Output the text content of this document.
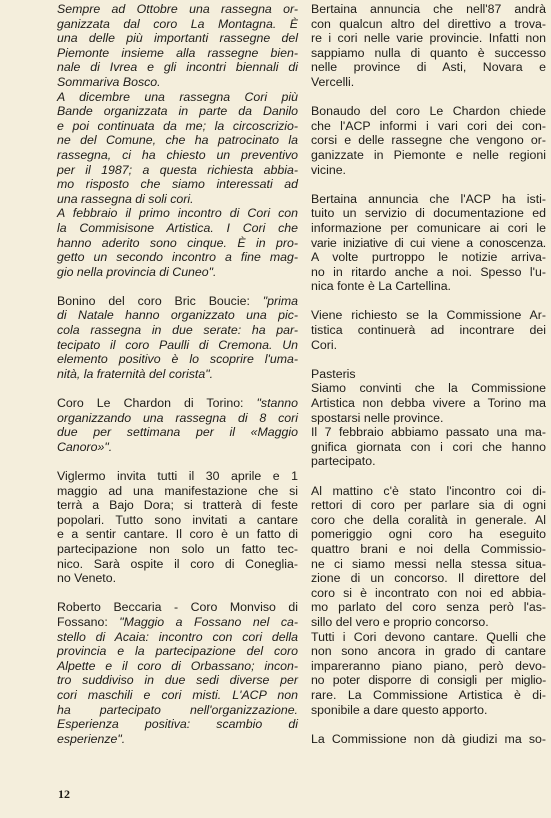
Sempre ad Ottobre una rassegna or-
ganizzata dal coro La Montagna. È
una delle più importanti rassegne del
Piemonte insieme alla rassegne bien-
nale di Ivrea e gli incontri biennali di
Sommariva Bosco.
A dicembre una rassegna Cori più
Bande organizzata in parte da Danilo
e poi continuata da me; la circoscrizio-
ne del Comune, che ha patrocinato la
rassegna, ci ha chiesto un preventivo
per il 1987; a questa richiesta abbia-
mo risposto che siamo interessati ad
una rassegna di soli cori.
A febbraio il primo incontro di Cori con
la Commisisone Artistica. I Cori che
hanno aderito sono cinque. È in pro-
getto un secondo incontro a fine mag-
gio nella provincia di Cuneo".

Bonino del coro Bric Boucie: "prima
di Natale hanno organizzato una pic-
cola rassegna in due serate: ha par-
tecipato il coro Paulli di Cremona. Un
elemento positivo è lo scoprire l'uma-
nità, la fraternità del corista".

Coro Le Chardon di Torino: "stanno
organizzando una rassegna di 8 cori
due per settimana per il «Maggio
Canoro»".

Viglermo invita tutti il 30 aprile e 1
maggio ad una manifestazione che si
terrà a Bajo Dora; si tratterà di feste
popolari. Tutto sono invitati a cantare
e a sentir cantare. Il coro è un fatto di
partecipazione non solo un fatto tec-
nico. Sarà ospite il coro di Coneglia-
no Veneto.

Roberto Beccaria - Coro Monviso di
Fossano: "Maggio a Fossano nel ca-
stello di Acaia: incontro con cori della
provincia e la partecipazione del coro
Alpette e il coro di Orbassano; incon-
tro suddiviso in due sedi diverse per
cori maschili e cori misti. L'ACP non
ha partecipato nell'organizzazione.
Esperienza positiva: scambio di
esperienze".

Bertaina annuncia che nell'87 andrà
con qualcun altro del direttivo a trova-
re i cori nelle varie provincie. Infatti non
sappiamo nulla di quanto è successo
nelle province di Asti, Novara e
Vercelli.

Bonaudo del coro Le Chardon chiede
che l'ACP informi i vari cori dei con-
corsi e delle rassegne che vengono or-
ganizzate in Piemonte e nelle regioni
vicine.

Bertaina annuncia che l'ACP ha isti-
tuito un servizio di documentazione ed
informazione per comunicare ai cori le
varie iniziative di cui viene a conoscenza.
A volte purtroppo le notizie arriva-
no in ritardo anche a noi. Spesso l'u-
nica fonte è La Cartellina.

Viene richiesto se la Commissione Ar-
tistica continuerà ad incontrare dei
Cori.

Pasteris
Siamo convinti che la Commissione
Artistica non debba vivere a Torino ma
spostarsi nelle province.
Il 7 febbraio abbiamo passato una ma-
gnifica giornata con i cori che hanno
partecipato.

Al mattino c'è stato l'incontro coi di-
rettori di coro per parlare sia di ogni
coro che della coralità in generale. Al
pomeriggio ogni coro ha eseguito
quattro brani e noi della Commissio-
ne ci siamo messi nella stessa situa-
zione di un concorso. Il direttore del
coro si è incontrato con noi ed abbia-
mo parlato del coro senza però l'as-
sillo del vero e proprio concorso.
Tutti i Cori devono cantare. Quelli che
non sono ancora in grado di cantare
impareranno piano piano, però devo-
no poter disporre di consigli per miglio-
rare. La Commissione Artistica è di-
sponibile a dare questo apporto.

La Commissione non dà giudizi ma so-

12
